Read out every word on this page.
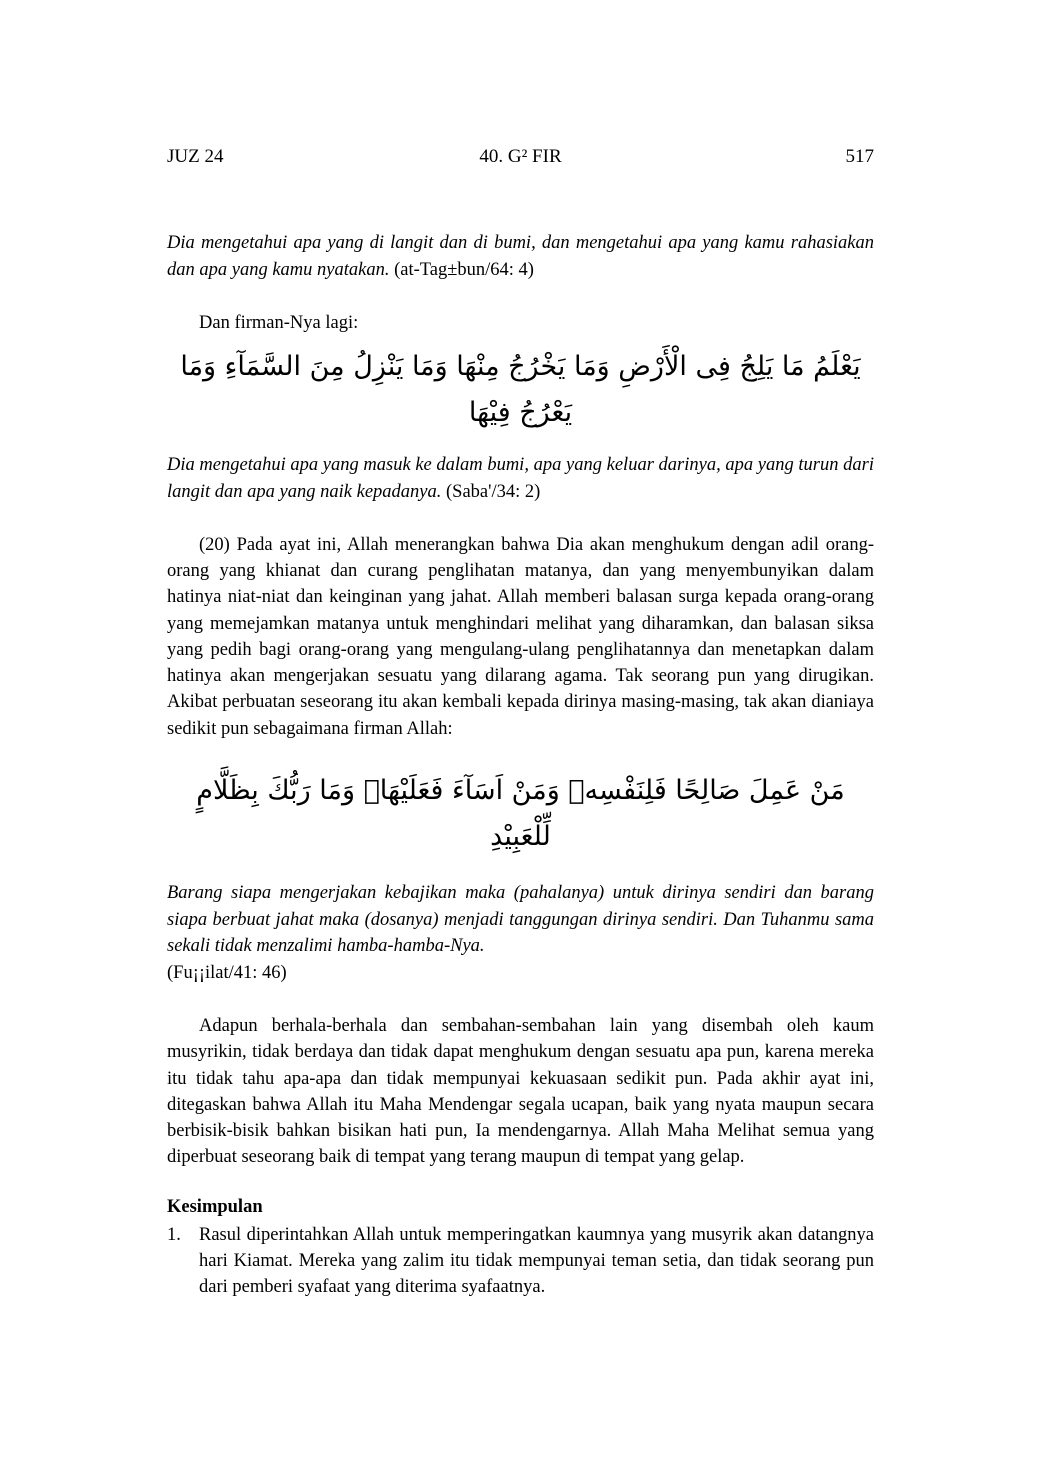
JUZ 24	40. G² FIR	517

Dia mengetahui apa yang di langit dan di bumi, dan mengetahui apa yang kamu rahasiakan dan apa yang kamu nyatakan. (at-Tag±bun/64: 4)

Dan firman-Nya lagi:

يَعْلَمُ مَا يَلِجُ فِى الْأَرْضِ وَمَا يَخْرُجُ مِنْهَا وَمَا يَنْزِلُ مِنَ السَّمَآءِ وَمَا يَعْرُجُ فِيْهَا

Dia mengetahui apa yang masuk ke dalam bumi, apa yang keluar darinya, apa yang turun dari langit dan apa yang naik kepadanya. (Saba'/34: 2)

(20) Pada ayat ini, Allah menerangkan bahwa Dia akan menghukum dengan adil orang-orang yang khianat dan curang penglihatan matanya, dan yang menyembunyikan dalam hatinya niat-niat dan keinginan yang jahat. Allah memberi balasan surga kepada orang-orang yang memejamkan matanya untuk menghindari melihat yang diharamkan, dan balasan siksa yang pedih bagi orang-orang yang mengulang-ulang penglihatannya dan menetapkan dalam hatinya akan mengerjakan sesuatu yang dilarang agama. Tak seorang pun yang dirugikan. Akibat perbuatan seseorang itu akan kembali kepada dirinya masing-masing, tak akan dianiaya sedikit pun sebagaimana firman Allah:

مَنْ عَمِلَ صَالِحًا فَلِنَفْسِهٖ وَمَنْ اَسَآءَ فَعَلَيْهَاۗ وَمَا رَبُّكَ بِظَلَّامٍ لِّلْعَبِيْدِ

Barang siapa mengerjakan kebajikan maka (pahalanya) untuk dirinya sendiri dan barang siapa berbuat jahat maka (dosanya) menjadi tanggungan dirinya sendiri. Dan Tuhanmu sama sekali tidak menzalimi hamba-hamba-Nya.
(Fu¡¡ilat/41: 46)

Adapun berhala-berhala dan sembahan-sembahan lain yang disembah oleh kaum musyrikin, tidak berdaya dan tidak dapat menghukum dengan sesuatu apa pun, karena mereka itu tidak tahu apa-apa dan tidak mempunyai kekuasaan sedikit pun. Pada akhir ayat ini, ditegaskan bahwa Allah itu Maha Mendengar segala ucapan, baik yang nyata maupun secara berbisik-bisik bahkan bisikan hati pun, Ia mendengarnya. Allah Maha Melihat semua yang diperbuat seseorang baik di tempat yang terang maupun di tempat yang gelap.

Kesimpulan
1. Rasul diperintahkan Allah untuk memperingatkan kaumnya yang musyrik akan datangnya hari Kiamat. Mereka yang zalim itu tidak mempunyai teman setia, dan tidak seorang pun dari pemberi syafaat yang diterima syafaatnya.
